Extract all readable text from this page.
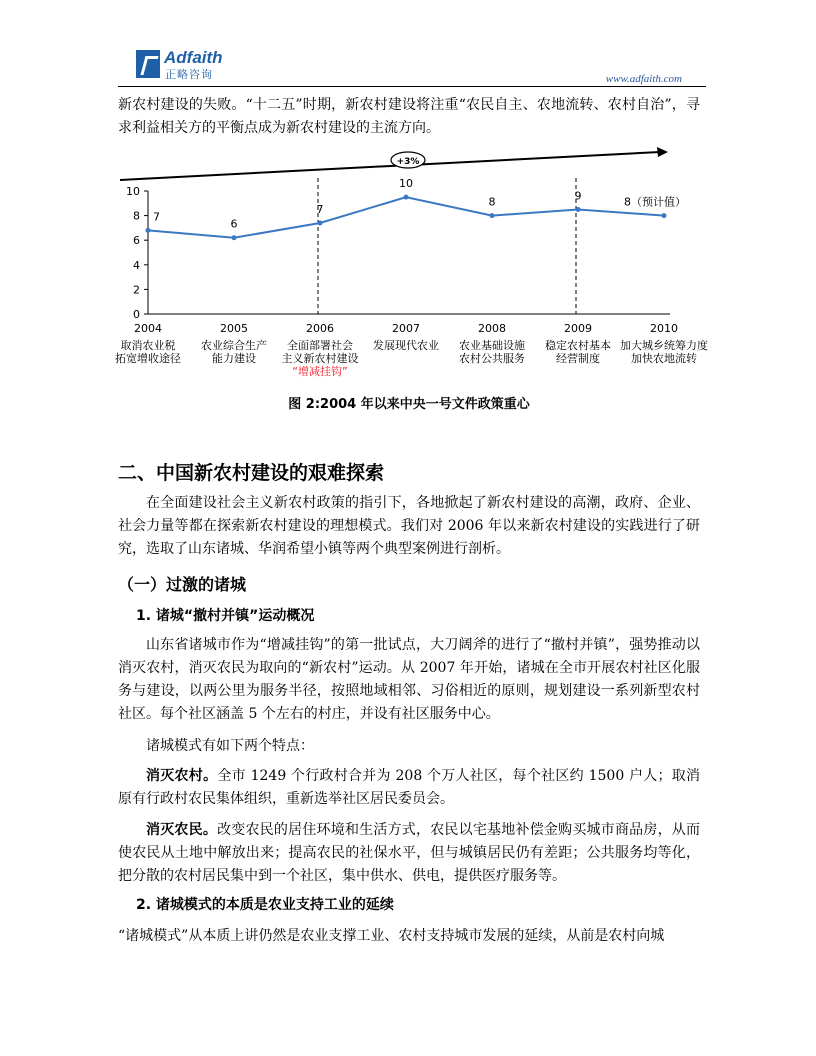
Adfaith
正略咨询	www.adfaith.com
新农村建设的失败。“十二五”时期，新农村建设将注重“农民自主、农地流转、农村自治”，寻求利益相关方的平衡点成为新农村建设的主流方向。
+3%
0
2
4
6
8
10
7
6
7
10
8	9	8（预计值）
2004
取消农业税
拓宽增收途径
2005
农业综合生产
能力建设
2006
全面部署社会
主义新农村建设
2007
发展现代农业
2008
农业基础设施
农村公共服务
2009
稳定农村基本
经营制度
2010
加大城乡统筹力度
加快农地流转
“增减挂钩”
图 2:2004 年以来中央一号文件政策重心
二、中国新农村建设的艰难探索
在全面建设社会主义新农村政策的指引下，各地掀起了新农村建设的高潮，政府、企业、社会力量等都在探索新农村建设的理想模式。我们对 2006 年以来新农村建设的实践进行了研究，选取了山东诸城、华润希望小镇等两个典型案例进行剖析。
（一）过激的诸城
1. 诸城“撤村并镇”运动概况
山东省诸城市作为“增减挂钩”的第一批试点，大刀阔斧的进行了“撤村并镇”，强势推动以消灭农村，消灭农民为取向的“新农村”运动。从 2007 年开始，诸城在全市开展农村社区化服务与建设，以两公里为服务半径，按照地域相邻、习俗相近的原则，规划建设一系列新型农村社区。每个社区涵盖 5 个左右的村庄，并设有社区服务中心。
诸城模式有如下两个特点：
消灭农村。全市 1249 个行政村合并为 208 个万人社区，每个社区约 1500 户人；取消原有行政村农民集体组织，重新选举社区居民委员会。
消灭农民。改变农民的居住环境和生活方式，农民以宅基地补偿金购买城市商品房，从而使农民从土地中解放出来；提高农民的社保水平，但与城镇居民仍有差距；公共服务均等化，把分散的农村居民集中到一个社区，集中供水、供电，提供医疗服务等。
2. 诸城模式的本质是农业支持工业的延续
“诸城模式”从本质上讲仍然是农业支撑工业、农村支持城市发展的延续，从前是农村向城
